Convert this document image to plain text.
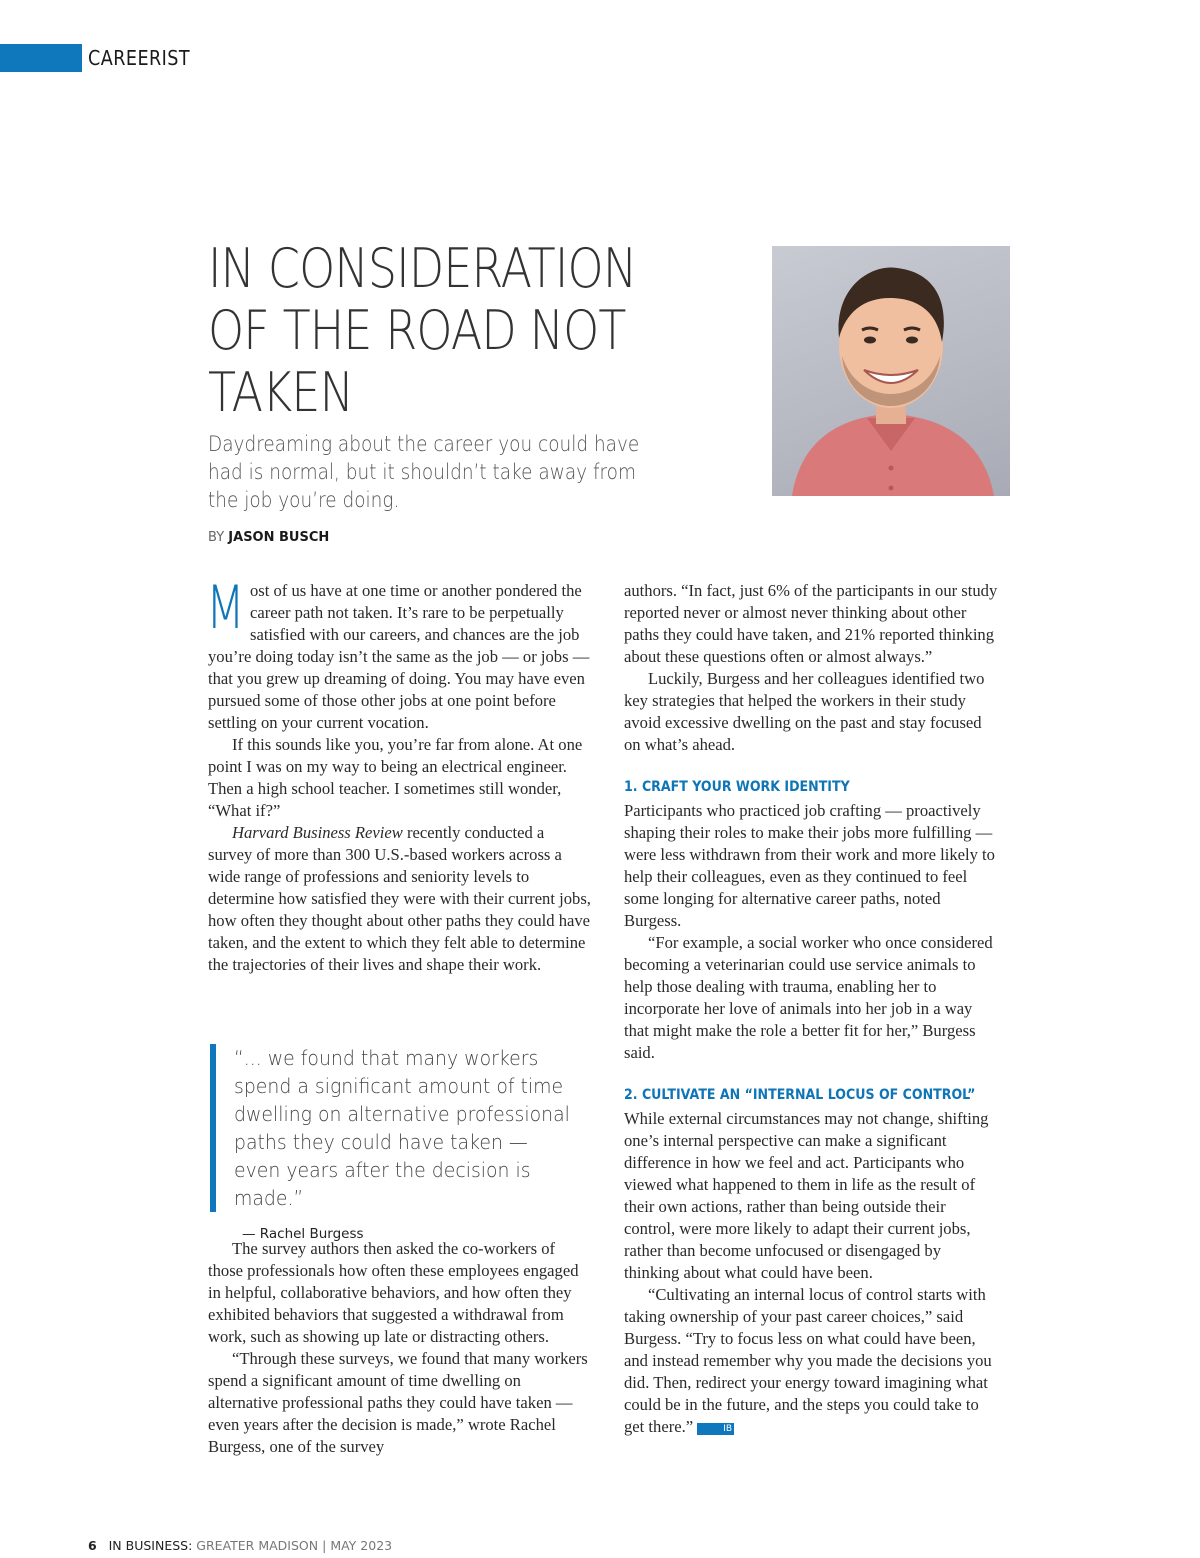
CAREERIST
IN CONSIDERATION OF THE ROAD NOT TAKEN

Daydreaming about the career you could have had is normal, but it shouldn’t take away from the job you’re doing.

BY JASON BUSCH

Most of us have at one time or another pondered the career path not taken. It’s rare to be perpetually satisfied with our careers, and chances are the job you’re doing today isn’t the same as the job — or jobs — that you grew up dreaming of doing. You may have even pursued some of those other jobs at one point before settling on your current vocation.

If this sounds like you, you’re far from alone. At one point I was on my way to being an electrical engineer. Then a high school teacher. I sometimes still wonder, “What if?”

Harvard Business Review recently conducted a survey of more than 300 U.S.-based workers across a wide range of professions and seniority levels to determine how satisfied they were with their current jobs, how often they thought about other paths they could have taken, and the extent to which they felt able to determine the trajectories of their lives and shape their work.

“... we found that many workers spend a significant amount of time dwelling on alternative professional paths they could have taken — even years after the decision is made.”

— Rachel Burgess

The survey authors then asked the co-workers of those professionals how often these employees engaged in helpful, collaborative behaviors, and how often they exhibited behaviors that suggested a withdrawal from work, such as showing up late or distracting others.

“Through these surveys, we found that many workers spend a significant amount of time dwelling on alternative professional paths they could have taken — even years after the decision is made,” wrote Rachel Burgess, one of the survey

authors. “In fact, just 6% of the participants in our study reported never or almost never thinking about other paths they could have taken, and 21% reported thinking about these questions often or almost always.”

Luckily, Burgess and her colleagues identified two key strategies that helped the workers in their study avoid excessive dwelling on the past and stay focused on what’s ahead.

1. CRAFT YOUR WORK IDENTITY

Participants who practiced job crafting — proactively shaping their roles to make their jobs more fulfilling — were less withdrawn from their work and more likely to help their colleagues, even as they continued to feel some longing for alternative career paths, noted Burgess.

“For example, a social worker who once considered becoming a veterinarian could use service animals to help those dealing with trauma, enabling her to incorporate her love of animals into her job in a way that might make the role a better fit for her,” Burgess said.

2. CULTIVATE AN “INTERNAL LOCUS OF CONTROL”

While external circumstances may not change, shifting one’s internal perspective can make a significant difference in how we feel and act. Participants who viewed what happened to them in life as the result of their own actions, rather than being outside their control, were more likely to adapt their current jobs, rather than become unfocused or disengaged by thinking about what could have been.

“Cultivating an internal locus of control starts with taking ownership of your past career choices,” said Burgess. “Try to focus less on what could have been, and instead remember why you made the decisions you did. Then, redirect your energy toward imagining what could be in the future, and the steps you could take to get there.”	IB

6 IN BUSINESS: GREATER MADISON | MAY 2023
